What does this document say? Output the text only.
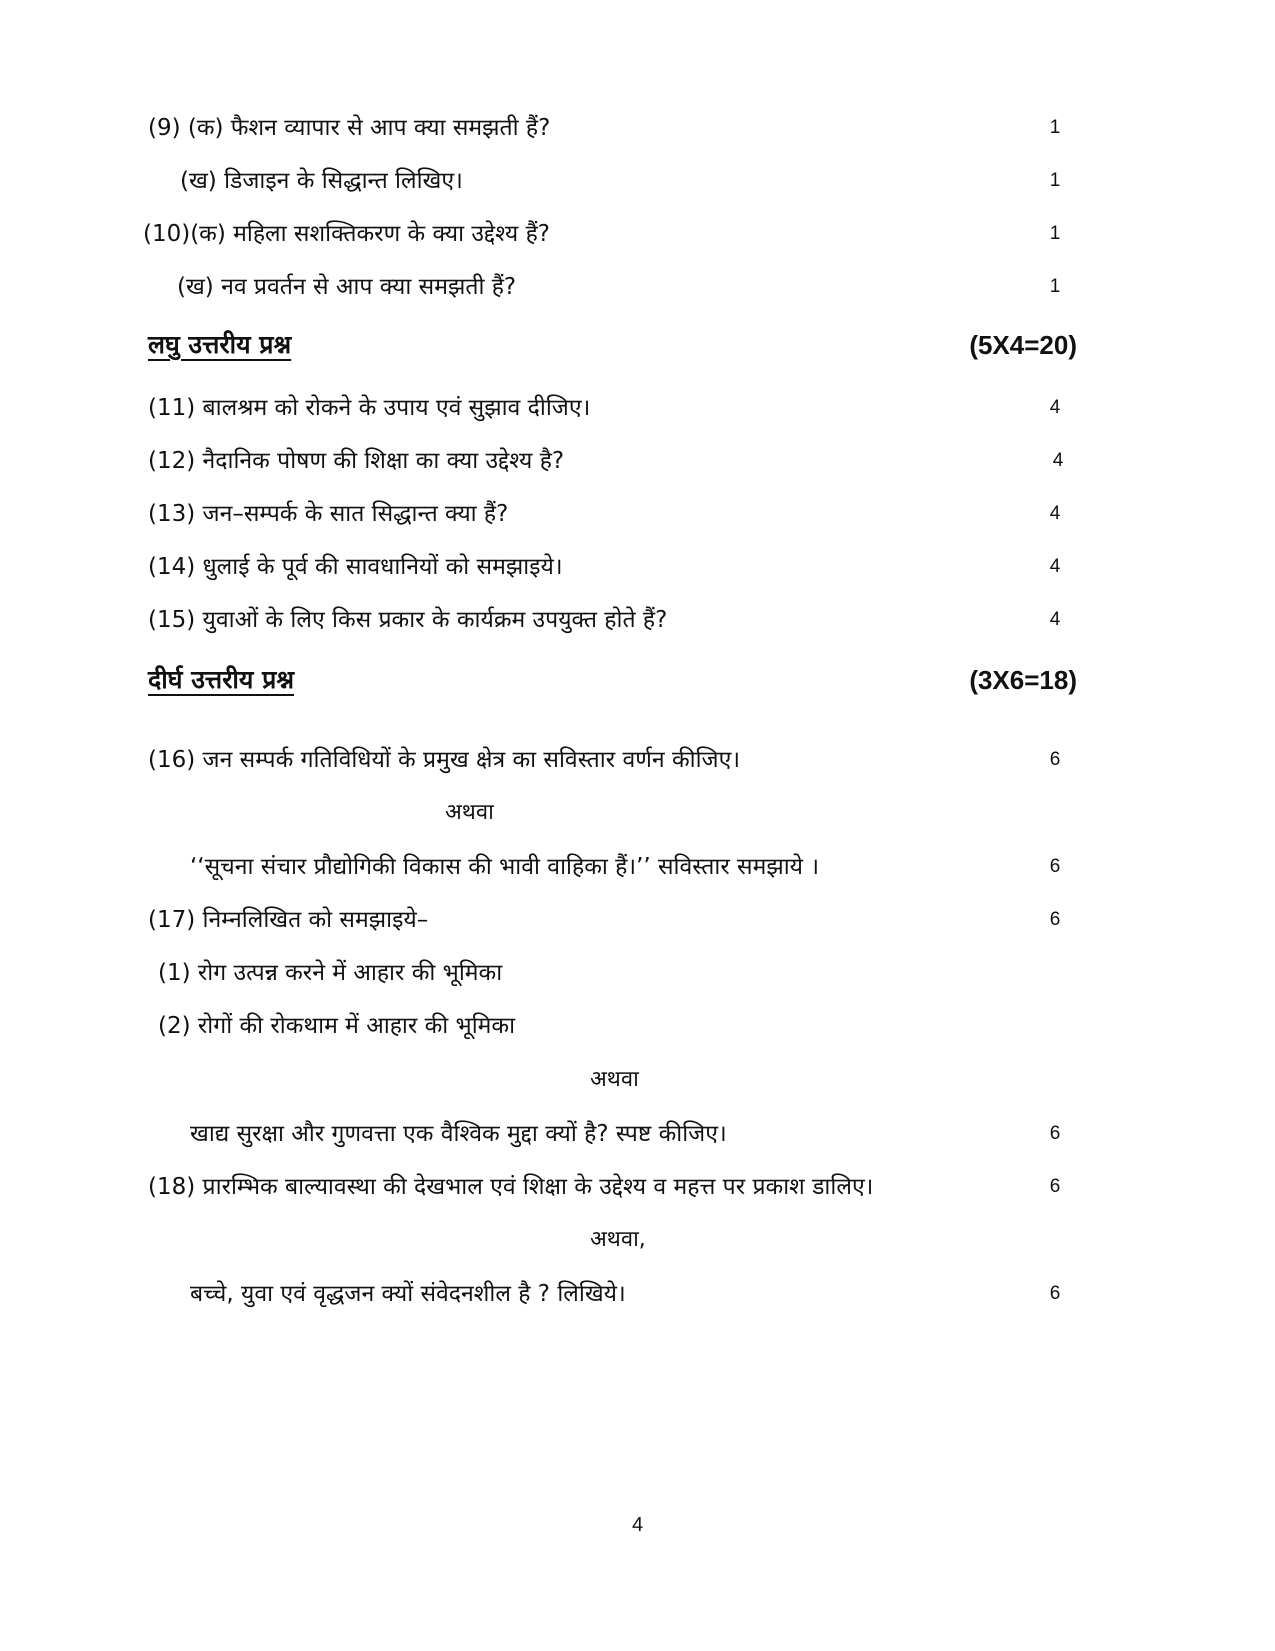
(9) (क) फैशन व्यापार से आप क्या समझती हैं?	1
(ख) डिजाइन के सिद्धान्त लिखिए।	1
(10)(क) महिला सशक्तिकरण के क्या उद्देश्य हैं?	1
(ख) नव प्रवर्तन से आप क्या समझती हैं?	1
लघु उत्तरीय प्रश्न	(5X4=20)
(11) बालश्रम को रोकने के उपाय एवं सुझाव दीजिए।	4
(12) नैदानिक पोषण की शिक्षा का क्या उद्देश्य है?	4
(13) जन–सम्पर्क के सात सिद्धान्त क्या हैं?	4
(14) धुलाई के पूर्व की सावधानियों को समझाइये।	4
(15) युवाओं के लिए किस प्रकार के कार्यक्रम उपयुक्त होते हैं?	4
दीर्घ उत्तरीय प्रश्न	(3X6=18)
(16) जन सम्पर्क गतिविधियों के प्रमुख क्षेत्र का सविस्तार वर्णन कीजिए।	6
अथवा
‘‘सूचना संचार प्रौद्योगिकी विकास की भावी वाहिका हैं।’’ सविस्तार समझाये ।	6
(17) निम्नलिखित को समझाइये–	6
(1) रोग उत्पन्न करने में आहार की भूमिका
(2) रोगों की रोकथाम में आहार की भूमिका
अथवा
खाद्य सुरक्षा और गुणवत्ता एक वैश्विक मुद्दा क्यों है? स्पष्ट कीजिए।	6
(18) प्रारम्भिक बाल्यावस्था की देखभाल एवं शिक्षा के उद्देश्य व महत्त पर प्रकाश डालिए।	6
अथवा,
बच्चे, युवा एवं वृद्धजन क्यों संवेदनशील है ? लिखिये।	6
4
